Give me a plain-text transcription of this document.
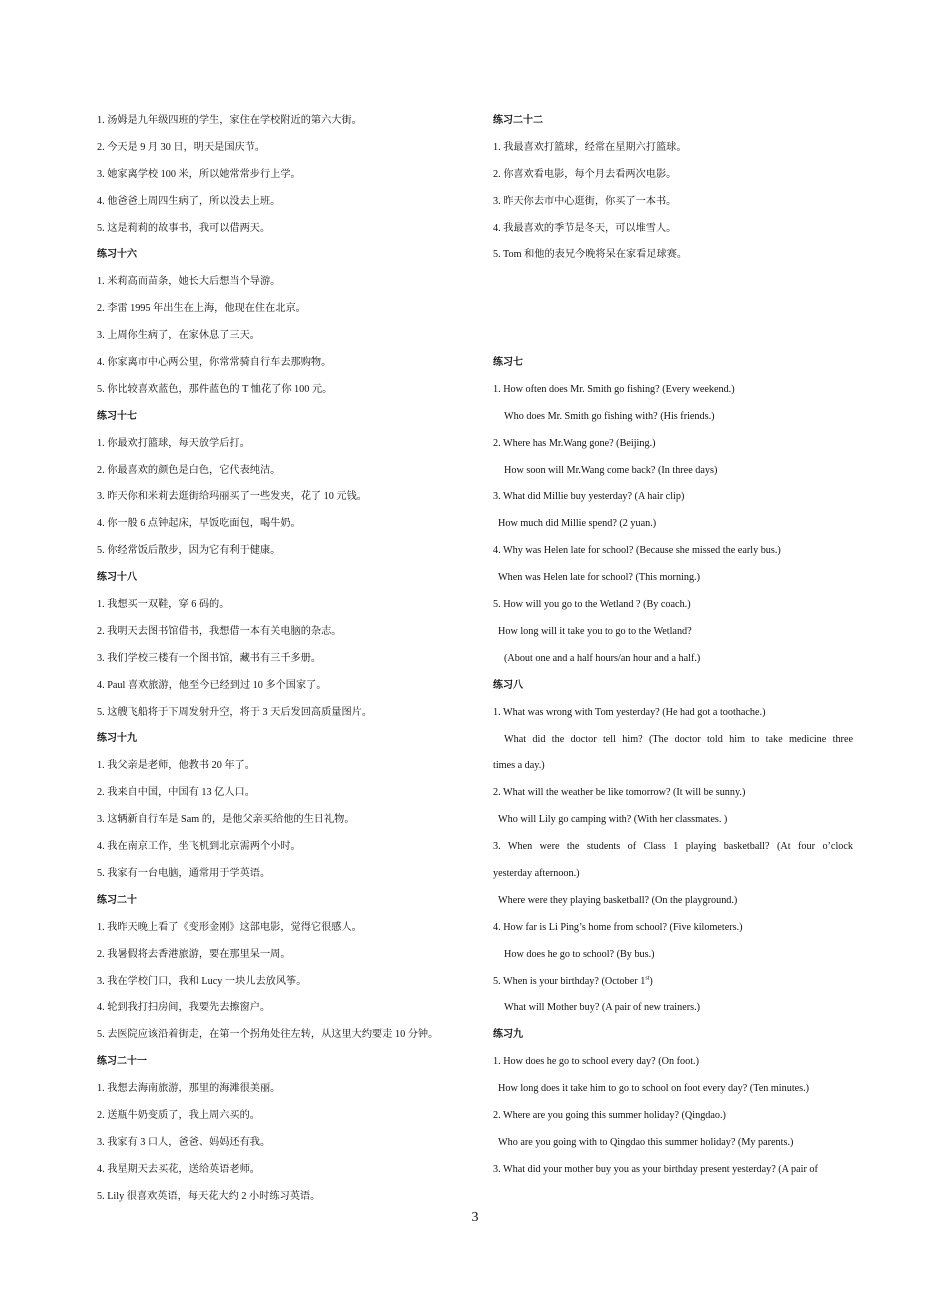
1. 汤姆是九年级四班的学生，家住在学校附近的第六大街。
2. 今天是 9 月 30 日，明天是国庆节。
3. 她家离学校 100 米，所以她常常步行上学。
4. 他爸爸上周四生病了，所以没去上班。
5. 这是莉莉的故事书，我可以借两天。
练习十六
1. 米莉高而苗条，她长大后想当个导游。
2. 李雷 1995 年出生在上海，他现在住在北京。
3. 上周你生病了，在家休息了三天。
4. 你家离市中心两公里，你常常骑自行车去那购物。
5. 你比较喜欢蓝色，那件蓝色的 T 恤花了你 100 元。
练习十七
1. 你最欢打篮球，每天放学后打。
2. 你最喜欢的颜色是白色，它代表纯洁。
3. 昨天你和米莉去逛街给玛丽买了一些发夹，花了 10 元钱。
4. 你一般 6 点钟起床，早饭吃面包，喝牛奶。
5. 你经常饭后散步，因为它有利于健康。
练习十八
1. 我想买一双鞋，穿 6 码的。
2. 我明天去图书馆借书，我想借一本有关电脑的杂志。
3. 我们学校三楼有一个图书馆，藏书有三千多册。
4. Paul 喜欢旅游，他至今已经到过 10 多个国家了。
5. 这艘飞船将于下周发射升空，将于 3 天后发回高质量图片。
练习十九
1. 我父亲是老师，他教书 20 年了。
2. 我来自中国，中国有 13 亿人口。
3. 这辆新自行车是 Sam 的，是他父亲买给他的生日礼物。
4. 我在南京工作，坐飞机到北京需两个小时。
5. 我家有一台电脑，通常用于学英语。
练习二十
1. 我昨天晚上看了《变形金刚》这部电影，觉得它很感人。
2. 我暑假将去香港旅游，要在那里呆一周。
3. 我在学校门口，我和 Lucy 一块儿去放风筝。
4. 轮到我打扫房间，我要先去擦窗户。
5. 去医院应该沿着街走，在第一个拐角处往左转，从这里大约要走 10 分钟。
练习二十一
1. 我想去海南旅游，那里的海滩很美丽。
2. 送瓶牛奶变质了，我上周六买的。
3. 我家有 3 口人，爸爸、妈妈还有我。
4. 我星期天去买花，送给英语老师。
5. Lily 很喜欢英语，每天花大约 2 小时练习英语。
练习二十二
1. 我最喜欢打篮球，经常在星期六打篮球。
2. 你喜欢看电影，每个月去看两次电影。
3. 昨天你去市中心逛街，你买了一本书。
4. 我最喜欢的季节是冬天，可以堆雪人。
5. Tom 和他的表兄今晚将呆在家看足球赛。
练习七
1. How often does Mr. Smith go fishing? (Every weekend.)
Who does Mr. Smith go fishing with? (His friends.)
2. Where has Mr.Wang gone? (Beijing.)
How soon will Mr.Wang come back? (In three days)
3. What did Millie buy yesterday? (A hair clip)
How much did Millie spend? (2 yuan.)
4. Why was Helen late for school? (Because she missed the early bus.)
When was Helen late for school? (This morning.)
5. How will you go to the Wetland ? (By coach.)
How long will it take you to go to the Wetland?
(About one and a half hours/an hour and a half.)
练习八
1. What was wrong with Tom yesterday? (He had got a toothache.)
What did the doctor tell him? (The doctor told him to take medicine three
times a day.)
2. What will the weather be like tomorrow? (It will be sunny.)
Who will Lily go camping with? (With her classmates. )
3. When were the students of Class 1 playing basketball? (At four o’clock
yesterday afternoon.)
Where were they playing basketball? (On the playground.)
4. How far is Li Ping’s home from school? (Five kilometers.)
How does he go to school? (By bus.)
5. When is your birthday? (October 1st)
What will Mother buy? (A pair of new trainers.)
练习九
1. How does he go to school every day? (On foot.)
How long does it take him to go to school on foot every day? (Ten minutes.)
2. Where are you going this summer holiday? (Qingdao.)
Who are you going with to Qingdao this summer holiday? (My parents.)
3. What did your mother buy you as your birthday present yesterday? (A pair of
3
